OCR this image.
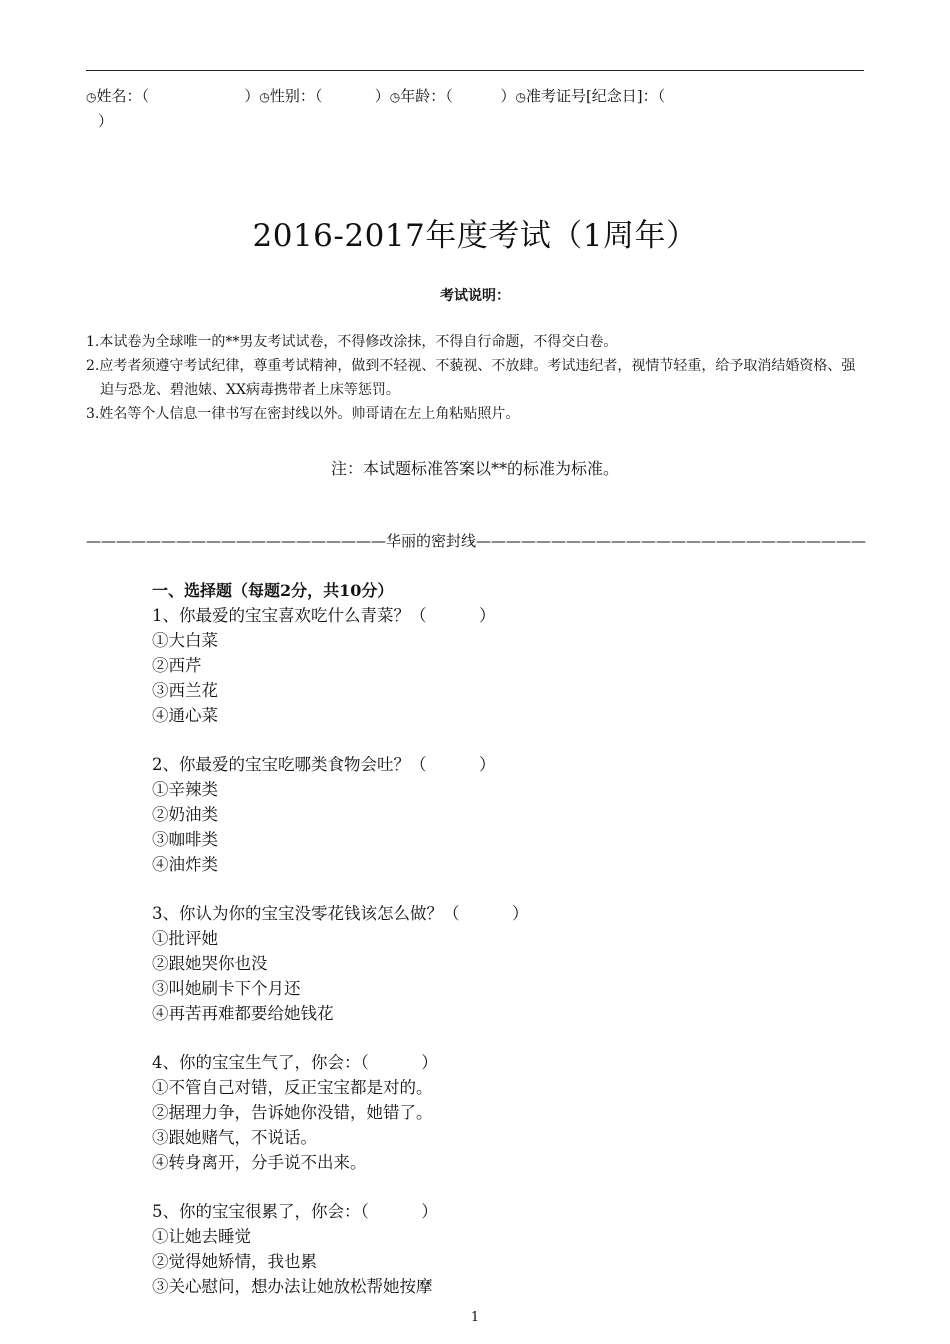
◷姓名：（                    ）◷性别：（           ）◷年龄：（          ）◷准考证号[纪念日]：（
）
2016-2017年度考试（1周年）
考试说明：

1.本试卷为全球唯一的**男友考试试卷，不得修改涂抹，不得自行命题，不得交白卷。

2.应考者须遵守考试纪律，尊重考试精神，做到不轻视、不藐视、不放肆。考试违纪者，视情节轻重，给予取消结婚资格、强迫与恐龙、碧池婊、XX病毒携带者上床等惩罚。

3.姓名等个人信息一律书写在密封线以外。帅哥请在左上角粘贴照片。

注：本试题标准答案以**的标准为标准。
————————————————————华丽的密封线——————————————————————————
一、选择题（每题2分，共10分）
1、你最爱的宝宝喜欢吃什么青菜？（          ）
①大白菜
②西芹
③西兰花
④通心菜
2、你最爱的宝宝吃哪类食物会吐？（          ）
①辛辣类
②奶油类
③咖啡类
④油炸类
3、你认为你的宝宝没零花钱该怎么做？（          ）
①批评她
②跟她哭你也没
③叫她刷卡下个月还
④再苦再难都要给她钱花
4、你的宝宝生气了，你会：（          ）
①不管自己对错，反正宝宝都是对的。
②据理力争，告诉她你没错，她错了。
③跟她赌气，不说话。
④转身离开，分手说不出来。
5、你的宝宝很累了，你会：（          ）
①让她去睡觉
②觉得她矫情，我也累
③关心慰问，想办法让她放松帮她按摩
1
